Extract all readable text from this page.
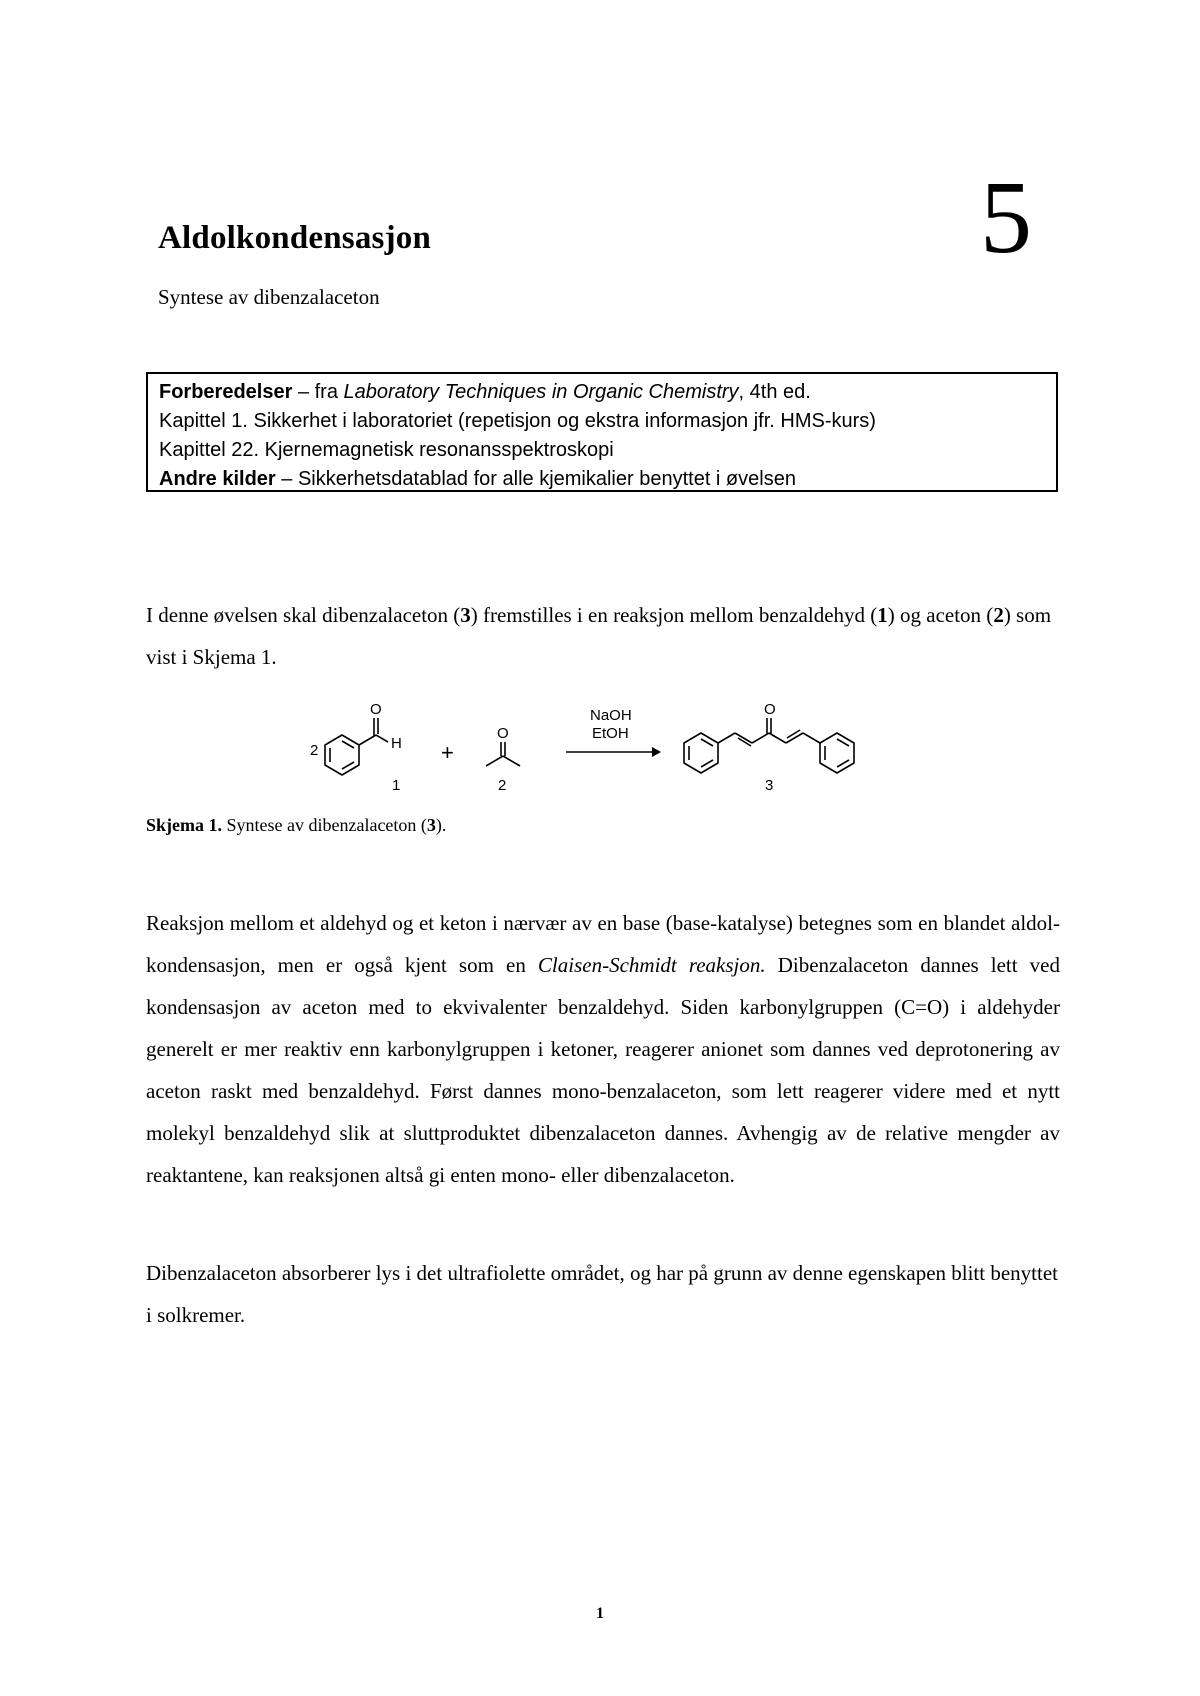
Aldolkondensasjon
Syntese av dibenzalaceton
5
Forberedelser – fra Laboratory Techniques in Organic Chemistry, 4th ed.
Kapittel 1. Sikkerhet i laboratoriet (repetisjon og ekstra informasjon jfr. HMS-kurs)
Kapittel 22. Kjernemagnetisk resonansspektroskopi
Andre kilder – Sikkerhetsdatablad for alle kjemikalier benyttet i øvelsen
I denne øvelsen skal dibenzalaceton (3) fremstilles i en reaksjon mellom benzaldehyd (1) og aceton (2) som vist i Skjema 1.
2
O
H
1
+
O
2
NaOH
EtOH
O
3
Skjema 1. Syntese av dibenzalaceton (3).
Reaksjon mellom et aldehyd og et keton i nærvær av en base (base-katalyse) betegnes som en blandet aldol-kondensasjon, men er også kjent som en Claisen-Schmidt reaksjon. Dibenzalaceton dannes lett ved kondensasjon av aceton med to ekvivalenter benzaldehyd. Siden karbonylgruppen (C=O) i aldehyder generelt er mer reaktiv enn karbonylgruppen i ketoner, reagerer anionet som dannes ved deprotonering av aceton raskt med benzaldehyd. Først dannes mono-benzalaceton, som lett reagerer videre med et nytt molekyl benzaldehyd slik at sluttproduktet dibenzalaceton dannes. Avhengig av de relative mengder av reaktantene, kan reaksjonen altså gi enten mono- eller dibenzalaceton.
Dibenzalaceton absorberer lys i det ultrafiolette området, og har på grunn av denne egenskapen blitt benyttet i solkremer.
1
